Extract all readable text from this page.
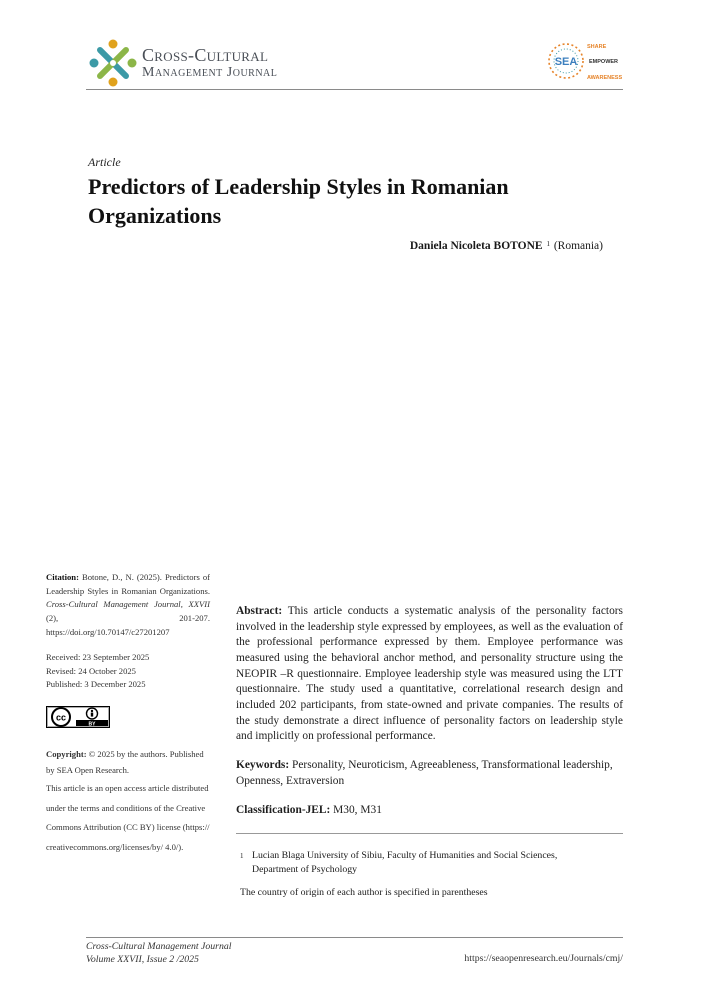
Cross-Cultural
Management Journal
SEA
SHARE
EMPOWER
AWARENESS
Article
Predictors of Leadership Styles in Romanian Organizations
Daniela Nicoleta BOTONE $^1$ (Romania)
Citation: Botone, D., N. (2025). Predictors of Leadership Styles in Romanian Organizations. Cross-Cultural Management Journal, XXVII (2), 201-207. https://doi.org/10.70147/c27201207
Received: 23 September 2025
Revised: 24 October 2025
Published: 3 December 2025
cc
BY
Copyright: © 2025 by the authors. Published by SEA Open Research.
This article is an open access article distributed under the terms and conditions of the Creative Commons Attribution (CC BY) license (https:// creativecommons.org/licenses/by/ 4.0/).
Abstract: This article conducts a systematic analysis of the personality factors involved in the leadership style expressed by employees, as well as the evaluation of the professional performance expressed by them. Employee performance was measured using the behavioral anchor method, and personality structure using the NEOPIR –R questionnaire. Employee leadership style was measured using the LTT questionnaire. The study used a quantitative, correlational research design and included 202 participants, from state-owned and private companies. The results of the study demonstrate a direct influence of personality factors on leadership style and implicitly on professional performance.
Keywords: Personality, Neuroticism, Agreeableness, Transformational leadership, Openness, Extraversion
Classification-JEL: M30, M31
1 Lucian Blaga University of Sibiu, Faculty of Humanities and Social Sciences, Department of Psychology
The country of origin of each author is specified in parentheses
Cross-Cultural Management Journal
Volume XXVII, Issue 2 /2025	https://seaopenresearch.eu/Journals/cmj/
